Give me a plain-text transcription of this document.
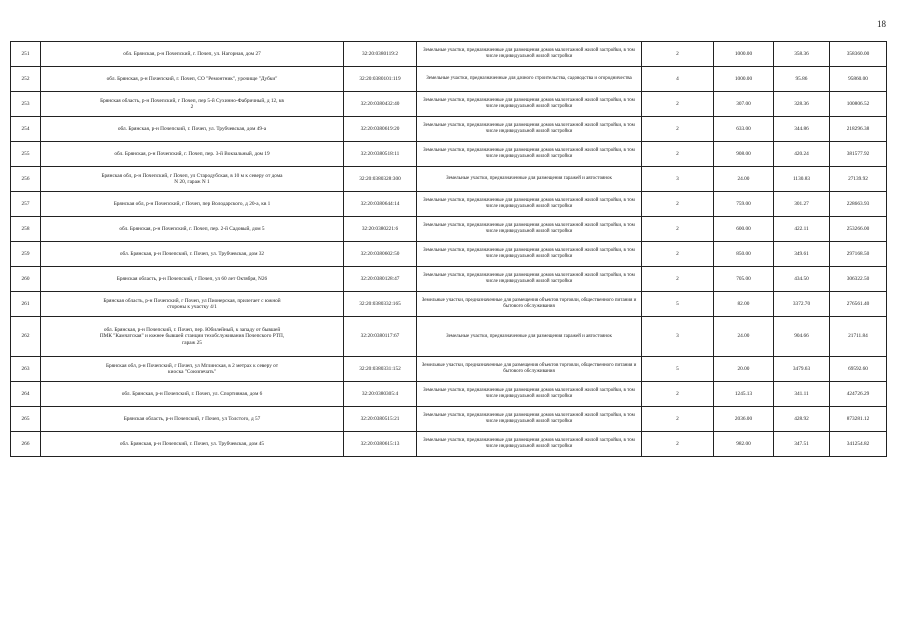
18
251	обл. Брянская, р-н Почепский, г. Почеп, ул. Нагорная, дом 27	32:20:0380119:2	Земельные участки, предназначенные для размещения домов малоэтажной жилой застройки, в том числе индивидуальной жилой застройки	2	1000.00	358.36	358360.00
252	обл. Брянская, р-н Почепский, г. Почеп, СО "Ремонтник", урочище "Дубки"	32:20:0380101:119	Земельные участки, предназначенные для дачного строительства, садоводства и огородничества	4	1000.00	95.86	95860.00
253	Брянская область, р-н Почепский, г Почеп, пер 5-й Сухинно-Фабричный, д 12, кв 2	32:20:0380432:40	Земельные участки, предназначенные для размещения домов малоэтажной жилой застройки, в том числе индивидуальной жилой застройки	2	307.00	328.36	100806.52
254	обл. Брянская, р-н Почепский, г. Почеп, ул. Трубчевская, дом 49-а	32:20:0380619:20	Земельные участки, предназначенные для размещения домов малоэтажной жилой застройки, в том числе индивидуальной жилой застройки	2	633.00	344.86	218296.38
255	обл. Брянская, р-н Почепский, г. Почеп, пер. 3-й Вокзальный, дом 19	32:20:0380518:11	Земельные участки, предназначенные для размещения домов малоэтажной жилой застройки, в том числе индивидуальной жилой застройки	2	908.00	420.24	381577.92
256	Брянская обл, р-н Почепский, г Почеп, ул Стародубская, в 10 м к северу от дома N 20, гараж N 1	32:20:0380328:300	Земельные участки, предназначенные для размещения гаражей и автостоянок	3	24.00	1130.83	27139.92
257	Брянская обл, р-н Почепский, г Почеп, пер Володарского, д 20-а, кв 1	32:20:0380644:14	Земельные участки, предназначенные для размещения домов малоэтажной жилой застройки, в том числе индивидуальной жилой застройки	2	759.00	301.27	228663.93
258	обл. Брянская, р-н Почепский, г. Почеп, пер. 2-й Садовый, дом 5	32:20:0380221:6	Земельные участки, предназначенные для размещения домов малоэтажной жилой застройки, в том числе индивидуальной жилой застройки	2	600.00	422.11	253266.00
259	обл. Брянская, р-н Почепский, г. Почеп, ул. Трубчевская, дом 32	32:20:0380602:50	Земельные участки, предназначенные для размещения домов малоэтажной жилой застройки, в том числе индивидуальной жилой застройки	2	850.00	349.61	297168.50
260	Брянская область, р-н Почепский, г Почеп, ул 60 лет Октября, N26	32:20:0380128:47	Земельные участки, предназначенные для размещения домов малоэтажной жилой застройки, в том числе индивидуальной жилой застройки	2	705.00	434.50	306322.50
261	Брянская область, р-н Почепский, г Почеп, ул Пионерская, прилегает с южной стороны к участку 4/1	32:20:0380332:165	Земельные участки, предназначенные для размещения объектов торговли, общественного питания и бытового обслуживания	5	82.00	3372.70	276561.40
262	обл. Брянская, р-н Почепский, г. Почеп, пер. Юбилейный, к западу от бывшей ПМК "Камчатская" и южнее бывшей станции техобслуживания Почепского РТП, гараж 25	32:20:0380117:67	Земельные участки, предназначенные для размещения гаражей и автостоянок	3	24.00	904.66	21711.84
263	Брянская обл, р-н Почепский, г Почеп, ул Мглинская, в 2 метрах к северу от киоска "Союзпечать"	32:20:0380331:152	Земельные участки, предназначенные для размещения объектов торговли, общественного питания и бытового обслуживания	5	20.00	3479.63	69592.60
264	обл. Брянская, р-н Почепский, г. Почеп, ул. Спортивная, дом 6	32:20:0380305:4	Земельные участки, предназначенные для размещения домов малоэтажной жилой застройки, в том числе индивидуальной жилой застройки	2	1245.13	341.11	424726.29
265	Брянская область, р-н Почепский, г Почеп, ул Толстого, д 57	32:20:0380515:21	Земельные участки, предназначенные для размещения домов малоэтажной жилой застройки, в том числе индивидуальной жилой застройки	2	2036.00	428.92	873281.12
266	обл. Брянская, р-н Почепский, г. Почеп, ул. Трубчевская, дом 45	32:20:0380615:13	Земельные участки, предназначенные для размещения домов малоэтажной жилой застройки, в том числе индивидуальной жилой застройки	2	982.00	347.51	341254.82
